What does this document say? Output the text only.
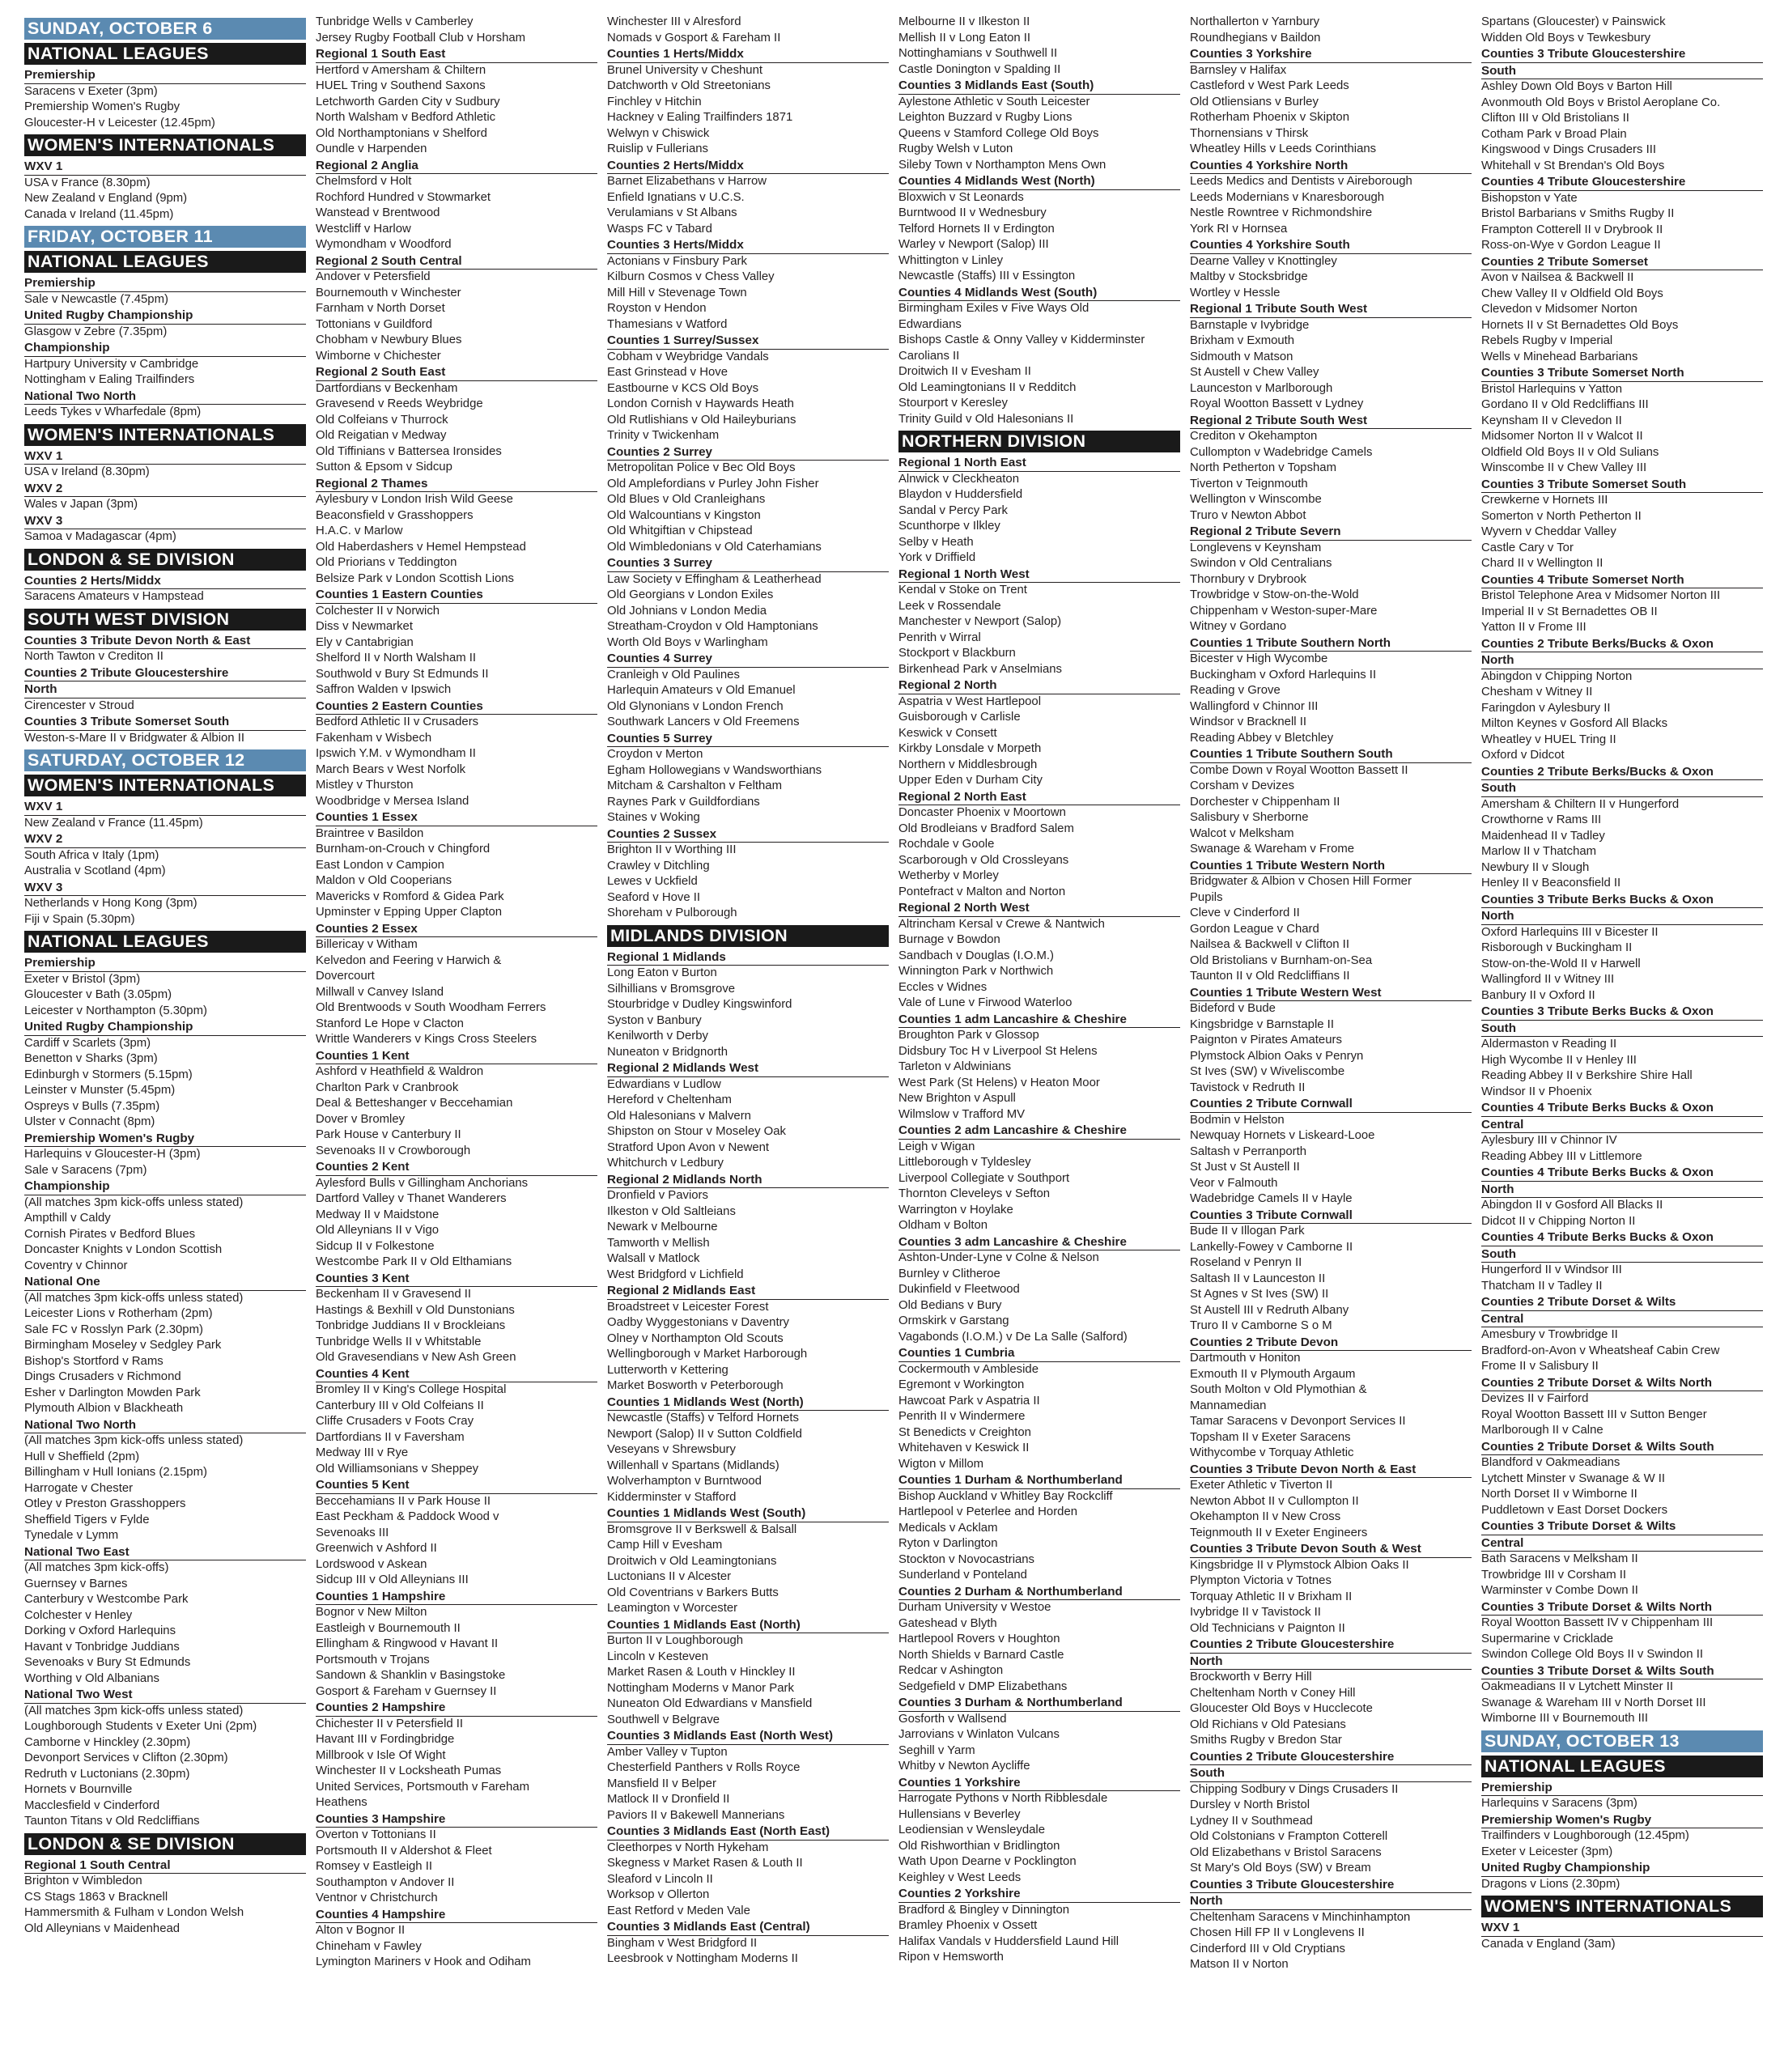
SUNDAY, OCTOBER 6
NATIONAL LEAGUES
Premiership
Saracens v Exeter (3pm)
Premiership Women's Rugby
Gloucester-H v Leicester (12.45pm)
WOMEN'S INTERNATIONALS
WXV 1
USA v France (8.30pm)
New Zealand v England (9pm)
Canada v Ireland (11.45pm)
FRIDAY, OCTOBER 11
NATIONAL LEAGUES
Premiership
Sale v Newcastle (7.45pm)
United Rugby Championship
Glasgow v Zebre (7.35pm)
Championship
Hartpury University v Cambridge
Nottingham v Ealing Trailfinders
National Two North
Leeds Tykes v Wharfedale (8pm)
WOMEN'S INTERNATIONALS
WXV 1
USA v Ireland (8.30pm)
WXV 2
Wales v Japan (3pm)
WXV 3
Samoa v Madagascar (4pm)
LONDON & SE DIVISION
Counties 2 Herts/Middx
Saracens Amateurs v Hampstead
SOUTH WEST DIVISION
Counties 3 Tribute Devon North & East
North Tawton v Crediton II
Counties 2 Tribute Gloucestershire
North
Cirencester v Stroud
Counties 3 Tribute Somerset South
Weston-s-Mare II v Bridgwater & Albion II
SATURDAY, OCTOBER 12
WOMEN'S INTERNATIONALS
WXV 1
New Zealand v France (11.45pm)
WXV 2
South Africa v Italy (1pm)
Australia v Scotland (4pm)
WXV 3
Netherlands v Hong Kong (3pm)
Fiji v Spain (5.30pm)
NATIONAL LEAGUES
Premiership
Exeter v Bristol (3pm)
Gloucester v Bath (3.05pm)
Leicester v Northampton (5.30pm)
United Rugby Championship
Cardiff v Scarlets (3pm)
Benetton v Sharks (3pm)
Edinburgh v Stormers (5.15pm)
Leinster v Munster (5.45pm)
Ospreys v Bulls (7.35pm)
Ulster v Connacht (8pm)
Premiership Women's Rugby
Harlequins v Gloucester-H (3pm)
Sale v Saracens (7pm)
Championship
(All matches 3pm kick-offs unless stated)
Ampthill v Caldy
Cornish Pirates v Bedford Blues
Doncaster Knights v London Scottish
Coventry v Chinnor
National One
(All matches 3pm kick-offs unless stated)
Leicester Lions v Rotherham (2pm)
Sale FC v Rosslyn Park (2.30pm)
Birmingham Moseley v Sedgley Park
Bishop's Stortford v Rams
Dings Crusaders v Richmond
Esher v Darlington Mowden Park
Plymouth Albion v Blackheath
National Two North
(All matches 3pm kick-offs unless stated)
Hull v Sheffield (2pm)
Billingham v Hull Ionians (2.15pm)
Harrogate v Chester
Otley v Preston Grasshoppers
Sheffield Tigers v Fylde
Tynedale v Lymm
National Two East
(All matches 3pm kick-offs)
Guernsey v Barnes
Canterbury v Westcombe Park
Colchester v Henley
Dorking v Oxford Harlequins
Havant v Tonbridge Juddians
Sevenoaks v Bury St Edmunds
Worthing v Old Albanians
National Two West
(All matches 3pm kick-offs unless stated)
Loughborough Students v Exeter Uni (2pm)
Camborne v Hinckley (2.30pm)
Devonport Services v Clifton (2.30pm)
Redruth v Luctonians (2.30pm)
Hornets v Bournville
Macclesfield v Cinderford
Taunton Titans v Old Redcliffians
LONDON & SE DIVISION
Regional 1 South Central
Brighton v Wimbledon
CS Stags 1863 v Bracknell
Hammersmith & Fulham v London Welsh
Old Alleynians v Maidenhead
Tunbridge Wells v Camberley
Jersey Rugby Football Club v Horsham
Regional 1 South East
Hertford v Amersham & Chiltern
HUEL Tring v Southend Saxons
Letchworth Garden City v Sudbury
North Walsham v Bedford Athletic
Old Northamptonians v Shelford
Oundle v Harpenden
Regional 2 Anglia
Chelmsford v Holt
Rochford Hundred v Stowmarket
Wanstead v Brentwood
Westcliff v Harlow
Wymondham v Woodford
Regional 2 South Central
Andover v Petersfield
Bournemouth v Winchester
Farnham v North Dorset
Tottonians v Guildford
Chobham v Newbury Blues
Wimborne v Chichester
Regional 2 South East
Dartfordians v Beckenham
Gravesend v Reeds Weybridge
Old Colfeians v Thurrock
Old Reigatian v Medway
Old Tiffinians v Battersea Ironsides
Sutton & Epsom v Sidcup
Regional 2 Thames
Aylesbury v London Irish Wild Geese
Beaconsfield v Grasshoppers
H.A.C. v Marlow
Old Haberdashers v Hemel Hempstead
Old Priorians v Teddington
Belsize Park v London Scottish Lions
Counties 1 Eastern Counties
Colchester II v Norwich
Diss v Newmarket
Ely v Cantabrigian
Shelford II v North Walsham II
Southwold v Bury St Edmunds II
Saffron Walden v Ipswich
Counties 2 Eastern Counties
Bedford Athletic II v Crusaders
Fakenham v Wisbech
Ipswich Y.M. v Wymondham II
March Bears v West Norfolk
Mistley v Thurston
Woodbridge v Mersea Island
Counties 1 Essex
Braintree v Basildon
Burnham-on-Crouch v Chingford
East London v Campion
Maldon v Old Cooperians
Mavericks v Romford & Gidea Park
Upminster v Epping Upper Clapton
Counties 2 Essex
Billericay v Witham
Kelvedon and Feering v Harwich &
Dovercourt
Millwall v Canvey Island
Old Brentwoods v South Woodham Ferrers
Stanford Le Hope v Clacton
Writtle Wanderers v Kings Cross Steelers
Counties 1 Kent
Ashford v Heathfield & Waldron
Charlton Park v Cranbrook
Deal & Betteshanger v Beccehamian
Dover v Bromley
Park House v Canterbury II
Sevenoaks II v Crowborough
Counties 2 Kent
Aylesford Bulls v Gillingham Anchorians
Dartford Valley v Thanet Wanderers
Medway II v Maidstone
Old Alleynians II v Vigo
Sidcup II v Folkestone
Westcombe Park II v Old Elthamians
Counties 3 Kent
Beckenham II v Gravesend II
Hastings & Bexhill v Old Dunstonians
Tonbridge Juddians II v Brockleians
Tunbridge Wells II v Whitstable
Old Gravesendians v New Ash Green
Counties 4 Kent
Bromley II v King's College Hospital
Canterbury III v Old Colfeians II
Cliffe Crusaders v Foots Cray
Dartfordians II v Faversham
Medway III v Rye
Old Williamsonians v Sheppey
Counties 5 Kent
Beccehamians II v Park House II
East Peckham & Paddock Wood v
Sevenoaks III
Greenwich v Ashford II
Lordswood v Askean
Sidcup III v Old Alleynians III
Counties 1 Hampshire
Bognor v New Milton
Eastleigh v Bournemouth II
Ellingham & Ringwood v Havant II
Portsmouth v Trojans
Sandown & Shanklin v Basingstoke
Gosport & Fareham v Guernsey II
Counties 2 Hampshire
Chichester II v Petersfield II
Havant III v Fordingbridge
Millbrook v Isle Of Wight
Winchester II v Locksheath Pumas
United Services, Portsmouth v Fareham
Heathens
Counties 3 Hampshire
Overton v Tottonians II
Portsmouth II v Aldershot & Fleet
Romsey v Eastleigh II
Southampton v Andover II
Ventnor v Christchurch
Counties 4 Hampshire
Alton v Bognor II
Chineham v Fawley
Lymington Mariners v Hook and Odiham
Winchester III v Alresford
Nomads v Gosport & Fareham II
Counties 1 Herts/Middx
Brunel University v Cheshunt
Datchworth v Old Streetonians
Finchley v Hitchin
Hackney v Ealing Trailfinders 1871
Welwyn v Chiswick
Ruislip v Fullerians
Counties 2 Herts/Middx
Barnet Elizabethans v Harrow
Enfield Ignatians v U.C.S.
Verulamians v St Albans
Wasps FC v Tabard
Counties 3 Herts/Middx
Actonians v Finsbury Park
Kilburn Cosmos v Chess Valley
Mill Hill v Stevenage Town
Royston v Hendon
Thamesians v Watford
Counties 1 Surrey/Sussex
Cobham v Weybridge Vandals
East Grinstead v Hove
Eastbourne v KCS Old Boys
London Cornish v Haywards Heath
Old Rutlishians v Old Haileyburians
Trinity v Twickenham
Counties 2 Surrey
Metropolitan Police v Bec Old Boys
Old Amplefordians v Purley John Fisher
Old Blues v Old Cranleighans
Old Walcountians v Kingston
Old Whitgiftian v Chipstead
Old Wimbledonians v Old Caterhamians
Counties 3 Surrey
Law Society v Effingham & Leatherhead
Old Georgians v London Exiles
Old Johnians v London Media
Streatham-Croydon v Old Hamptonians
Worth Old Boys v Warlingham
Counties 4 Surrey
Cranleigh v Old Paulines
Harlequin Amateurs v Old Emanuel
Old Glynonians v London French
Southwark Lancers v Old Freemens
Counties 5 Surrey
Croydon v Merton
Egham Hollowegians v Wandsworthians
Mitcham & Carshalton v Feltham
Raynes Park v Guildfordians
Staines v Woking
Counties 2 Sussex
Brighton II v Worthing III
Crawley v Ditchling
Lewes v Uckfield
Seaford v Hove II
Shoreham v Pulborough
MIDLANDS DIVISION
Regional 1 Midlands
Long Eaton v Burton
Silhillians v Bromsgrove
Stourbridge v Dudley Kingswinford
Syston v Banbury
Kenilworth v Derby
Nuneaton v Bridgnorth
Regional 2 Midlands West
Edwardians v Ludlow
Hereford v Cheltenham
Old Halesonians v Malvern
Shipston on Stour v Moseley Oak
Stratford Upon Avon v Newent
Whitchurch v Ledbury
Regional 2 Midlands North
Dronfield v Paviors
Ilkeston v Old Saltleians
Newark v Melbourne
Tamworth v Mellish
Walsall v Matlock
West Bridgford v Lichfield
Regional 2 Midlands East
Broadstreet v Leicester Forest
Oadby Wyggestonians v Daventry
Olney v Northampton Old Scouts
Wellingborough v Market Harborough
Lutterworth v Kettering
Market Bosworth v Peterborough
Counties 1 Midlands West (North)
Newcastle (Staffs) v Telford Hornets
Newport (Salop) II v Sutton Coldfield
Veseyans v Shrewsbury
Willenhall v Spartans (Midlands)
Wolverhampton v Burntwood
Kidderminster v Stafford
Counties 1 Midlands West (South)
Bromsgrove II v Berkswell & Balsall
Camp Hill v Evesham
Droitwich v Old Leamingtonians
Luctonians II v Alcester
Old Coventrians v Barkers Butts
Leamington v Worcester
Counties 1 Midlands East (North)
Burton II v Loughborough
Lincoln v Kesteven
Market Rasen & Louth v Hinckley II
Nottingham Moderns v Manor Park
Nuneaton Old Edwardians v Mansfield
Southwell v Belgrave
Counties 3 Midlands East (North West)
Amber Valley v Tupton
Chesterfield Panthers v Rolls Royce
Mansfield II v Belper
Matlock II v Dronfield II
Paviors II v Bakewell Mannerians
Counties 3 Midlands East (North East)
Cleethorpes v North Hykeham
Skegness v Market Rasen & Louth II
Sleaford v Lincoln II
Worksop v Ollerton
East Retford v Meden Vale
Counties 3 Midlands East (Central)
Bingham v West Bridgford II
Leesbrook v Nottingham Moderns II
Melbourne II v Ilkeston II
Mellish II v Long Eaton II
Nottinghamians v Southwell II
Castle Donington v Spalding II
Counties 3 Midlands East (South)
Aylestone Athletic v South Leicester
Leighton Buzzard v Rugby Lions
Queens v Stamford College Old Boys
Rugby Welsh v Luton
Sileby Town v Northampton Mens Own
Counties 4 Midlands West (North)
Bloxwich v St Leonards
Burntwood II v Wednesbury
Telford Hornets II v Erdington
Warley v Newport (Salop) III
Whittington v Linley
Newcastle (Staffs) III v Essington
Counties 4 Midlands West (South)
Birmingham Exiles v Five Ways Old
Edwardians
Bishops Castle & Onny Valley v Kidderminster
Carolians II
Droitwich II v Evesham II
Old Leamingtonians II v Redditch
Stourport v Keresley
Trinity Guild v Old Halesonians II
NORTHERN DIVISION
Regional 1 North East
Alnwick v Cleckheaton
Blaydon v Huddersfield
Sandal v Percy Park
Scunthorpe v Ilkley
Selby v Heath
York v Driffield
Regional 1 North West
Kendal v Stoke on Trent
Leek v Rossendale
Manchester v Newport (Salop)
Penrith v Wirral
Stockport v Blackburn
Birkenhead Park v Anselmians
Regional 2 North
Aspatria v West Hartlepool
Guisborough v Carlisle
Keswick v Consett
Kirkby Lonsdale v Morpeth
Northern v Middlesbrough
Upper Eden v Durham City
Regional 2 North East
Doncaster Phoenix v Moortown
Old Brodleians v Bradford Salem
Rochdale v Goole
Scarborough v Old Crossleyans
Wetherby v Morley
Pontefract v Malton and Norton
Regional 2 North West
Altrincham Kersal v Crewe & Nantwich
Burnage v Bowdon
Sandbach v Douglas (I.O.M.)
Winnington Park v Northwich
Eccles v Widnes
Vale of Lune v Firwood Waterloo
Counties 1 adm Lancashire & Cheshire
Broughton Park v Glossop
Didsbury Toc H v Liverpool St Helens
Tarleton v Aldwinians
West Park (St Helens) v Heaton Moor
New Brighton v Aspull
Wilmslow v Trafford MV
Counties 2 adm Lancashire & Cheshire
Leigh v Wigan
Littleborough v Tyldesley
Liverpool Collegiate v Southport
Thornton Cleveleys v Sefton
Warrington v Hoylake
Oldham v Bolton
Counties 3 adm Lancashire & Cheshire
Ashton-Under-Lyne v Colne & Nelson
Burnley v Clitheroe
Dukinfield v Fleetwood
Old Bedians v Bury
Ormskirk v Garstang
Vagabonds (I.O.M.) v De La Salle (Salford)
Counties 1 Cumbria
Cockermouth v Ambleside
Egremont v Workington
Hawcoat Park v Aspatria II
Penrith II v Windermere
St Benedicts v Creighton
Whitehaven v Keswick II
Wigton v Millom
Counties 1 Durham & Northumberland
Bishop Auckland v Whitley Bay Rockcliff
Hartlepool v Peterlee and Horden
Medicals v Acklam
Ryton v Darlington
Stockton v Novocastrians
Sunderland v Ponteland
Counties 2 Durham & Northumberland
Durham University v Westoe
Gateshead v Blyth
Hartlepool Rovers v Houghton
North Shields v Barnard Castle
Redcar v Ashington
Sedgefield v DMP Elizabethans
Counties 3 Durham & Northumberland
Gosforth v Wallsend
Jarrovians v Winlaton Vulcans
Seghill v Yarm
Whitby v Newton Aycliffe
Counties 1 Yorkshire
Harrogate Pythons v North Ribblesdale
Hullensians v Beverley
Leodiensian v Wensleydale
Old Rishworthian v Bridlington
Wath Upon Dearne v Pocklington
Keighley v West Leeds
Counties 2 Yorkshire
Bradford & Bingley v Dinnington
Bramley Phoenix v Ossett
Halifax Vandals v Huddersfield Laund Hill
Ripon v Hemsworth
Northallerton v Yarnbury
Roundhegians v Baildon
Counties 3 Yorkshire
Barnsley v Halifax
Castleford v West Park Leeds
Old Otliensians v Burley
Rotherham Phoenix v Skipton
Thornensians v Thirsk
Wheatley Hills v Leeds Corinthians
Counties 4 Yorkshire North
Leeds Medics and Dentists v Aireborough
Leeds Modernians v Knaresborough
Nestle Rowntree v Richmondshire
York RI v Hornsea
Counties 4 Yorkshire South
Dearne Valley v Knottingley
Maltby v Stocksbridge
Wortley v Hessle
Regional 1 Tribute South West
Barnstaple v Ivybridge
Brixham v Exmouth
Sidmouth v Matson
St Austell v Chew Valley
Launceston v Marlborough
Royal Wootton Bassett v Lydney
Regional 2 Tribute South West
Crediton v Okehampton
Cullompton v Wadebridge Camels
North Petherton v Topsham
Tiverton v Teignmouth
Wellington v Winscombe
Truro v Newton Abbot
Regional 2 Tribute Severn
Longlevens v Keynsham
Swindon v Old Centralians
Thornbury v Drybrook
Trowbridge v Stow-on-the-Wold
Chippenham v Weston-super-Mare
Witney v Gordano
Counties 1 Tribute Southern North
Bicester v High Wycombe
Buckingham v Oxford Harlequins II
Reading v Grove
Wallingford v Chinnor III
Windsor v Bracknell II
Reading Abbey v Bletchley
Counties 1 Tribute Southern South
Combe Down v Royal Wootton Bassett II
Corsham v Devizes
Dorchester v Chippenham II
Salisbury v Sherborne
Walcot v Melksham
Swanage & Wareham v Frome
Counties 1 Tribute Western North
Bridgwater & Albion v Chosen Hill Former
Pupils
Cleve v Cinderford II
Gordon League v Chard
Nailsea & Backwell v Clifton II
Old Bristolians v Burnham-on-Sea
Taunton II v Old Redcliffians II
Counties 1 Tribute Western West
Bideford v Bude
Kingsbridge v Barnstaple II
Paignton v Pirates Amateurs
Plymstock Albion Oaks v Penryn
St Ives (SW) v Wiveliscombe
Tavistock v Redruth II
Counties 2 Tribute Cornwall
Bodmin v Helston
Newquay Hornets v Liskeard-Looe
Saltash v Perranporth
St Just v St Austell II
Veor v Falmouth
Wadebridge Camels II v Hayle
Counties 3 Tribute Cornwall
Bude II v Illogan Park
Lankelly-Fowey v Camborne II
Roseland v Penryn II
Saltash II v Launceston II
St Agnes v St Ives (SW) II
St Austell III v Redruth Albany
Truro II v Camborne S o M
Counties 2 Tribute Devon
Dartmouth v Honiton
Exmouth II v Plymouth Argaum
South Molton v Old Plymothian &
Mannamedian
Tamar Saracens v Devonport Services II
Topsham II v Exeter Saracens
Withycombe v Torquay Athletic
Counties 3 Tribute Devon North & East
Exeter Athletic v Tiverton II
Newton Abbot II v Cullompton II
Okehampton II v New Cross
Teignmouth II v Exeter Engineers
Counties 3 Tribute Devon South & West
Kingsbridge II v Plymstock Albion Oaks II
Plympton Victoria v Totnes
Torquay Athletic II v Brixham II
Ivybridge II v Tavistock II
Old Technicians v Paignton II
Counties 2 Tribute Gloucestershire
North
Brockworth v Berry Hill
Cheltenham North v Coney Hill
Gloucester Old Boys v Hucclecote
Old Richians v Old Patesians
Smiths Rugby v Bredon Star
Counties 2 Tribute Gloucestershire
South
Chipping Sodbury v Dings Crusaders II
Dursley v North Bristol
Lydney II v Southmead
Old Colstonians v Frampton Cotterell
Old Elizabethans v Bristol Saracens
St Mary's Old Boys (SW) v Bream
Counties 3 Tribute Gloucestershire
North
Cheltenham Saracens v Minchinhampton
Chosen Hill FP II v Longlevens II
Cinderford III v Old Cryptians
Matson II v Norton
Spartans (Gloucester) v Painswick
Widden Old Boys v Tewkesbury
Counties 3 Tribute Gloucestershire
South
Ashley Down Old Boys v Barton Hill
Avonmouth Old Boys v Bristol Aeroplane Co.
Clifton III v Old Bristolians II
Cotham Park v Broad Plain
Kingswood v Dings Crusaders III
Whitehall v St Brendan's Old Boys
Counties 4 Tribute Gloucestershire
Bishopston v Yate
Bristol Barbarians v Smiths Rugby II
Frampton Cotterell II v Drybrook II
Ross-on-Wye v Gordon League II
Counties 2 Tribute Somerset
Avon v Nailsea & Backwell II
Chew Valley II v Oldfield Old Boys
Clevedon v Midsomer Norton
Hornets II v St Bernadettes Old Boys
Rebels Rugby v Imperial
Wells v Minehead Barbarians
Counties 3 Tribute Somerset North
Bristol Harlequins v Yatton
Gordano II v Old Redcliffians III
Keynsham II v Clevedon II
Midsomer Norton II v Walcot II
Oldfield Old Boys II v Old Sulians
Winscombe II v Chew Valley III
Counties 3 Tribute Somerset South
Crewkerne v Hornets III
Somerton v North Petherton II
Wyvern v Cheddar Valley
Castle Cary v Tor
Chard II v Wellington II
Counties 4 Tribute Somerset North
Bristol Telephone Area v Midsomer Norton III
Imperial II v St Bernadettes OB II
Yatton II v Frome III
Counties 2 Tribute Berks/Bucks & Oxon
North
Abingdon v Chipping Norton
Chesham v Witney II
Faringdon v Aylesbury II
Milton Keynes v Gosford All Blacks
Wheatley v HUEL Tring II
Oxford v Didcot
Counties 2 Tribute Berks/Bucks & Oxon
South
Amersham & Chiltern II v Hungerford
Crowthorne v Rams III
Maidenhead II v Tadley
Marlow II v Thatcham
Newbury II v Slough
Henley II v Beaconsfield II
Counties 3 Tribute Berks Bucks & Oxon
North
Oxford Harlequins III v Bicester II
Risborough v Buckingham II
Stow-on-the-Wold II v Harwell
Wallingford II v Witney III
Banbury II v Oxford II
Counties 3 Tribute Berks Bucks & Oxon
South
Aldermaston v Reading II
High Wycombe II v Henley III
Reading Abbey II v Berkshire Shire Hall
Windsor II v Phoenix
Counties 4 Tribute Berks Bucks & Oxon
Central
Aylesbury III v Chinnor IV
Reading Abbey III v Littlemore
Counties 4 Tribute Berks Bucks & Oxon
North
Abingdon II v Gosford All Blacks II
Didcot II v Chipping Norton II
Counties 4 Tribute Berks Bucks & Oxon
South
Hungerford II v Windsor III
Thatcham II v Tadley II
Counties 2 Tribute Dorset & Wilts
Central
Amesbury v Trowbridge II
Bradford-on-Avon v Wheatsheaf Cabin Crew
Frome II v Salisbury II
Counties 2 Tribute Dorset & Wilts North
Devizes II v Fairford
Royal Wootton Bassett III v Sutton Benger
Marlborough II v Calne
Counties 2 Tribute Dorset & Wilts South
Blandford v Oakmeadians
Lytchett Minster v Swanage & W II
North Dorset II v Wimborne II
Puddletown v East Dorset Dockers
Counties 3 Tribute Dorset & Wilts
Central
Bath Saracens v Melksham II
Trowbridge III v Corsham II
Warminster v Combe Down II
Counties 3 Tribute Dorset & Wilts North
Royal Wootton Bassett IV v Chippenham III
Supermarine v Cricklade
Swindon College Old Boys II v Swindon II
Counties 3 Tribute Dorset & Wilts South
Oakmeadians II v Lytchett Minster II
Swanage & Wareham III v North Dorset III
Wimborne III v Bournemouth III
SUNDAY, OCTOBER 13
NATIONAL LEAGUES
Premiership
Harlequins v Saracens (3pm)
Premiership Women's Rugby
Trailfinders v Loughborough (12.45pm)
Exeter v Leicester (3pm)
United Rugby Championship
Dragons v Lions (2.30pm)
WOMEN'S INTERNATIONALS
WXV 1
Canada v England (3am)
